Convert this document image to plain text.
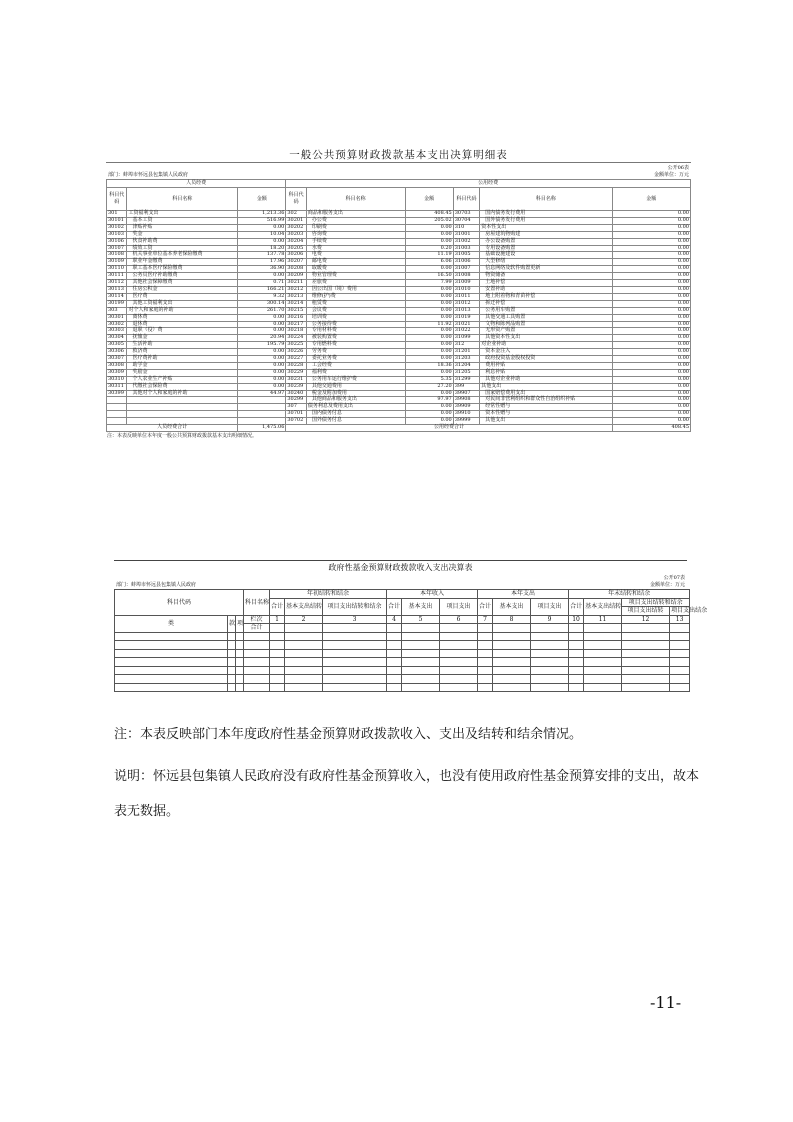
一般公共预算财政拨款基本支出决算明细表
公开06表
部门：蚌埠市怀远县包集镇人民政府	金额单位：万元
人员经费			公用经费					
科目代码	科目名称	金额	科目代码	科目名称	金额	科目代码	科目名称	金额
301	工资福利支出	1,213.36	302	商品和服务支出	408.45	30703	国内债务发行费用	0.00
30101	基本工资	516.99	30201	办公费	205.02	30704	国外债务发行费用	0.00
30102	津贴补贴	0.00	30202	印刷费	0.00	310	资本性支出	0.00
30103	奖金	10.04	30203	咨询费	0.00	31001	房屋建筑物购建	0.00
30106	伙食补助费	0.00	30204	手续费	0.00	31002	办公设备购置	0.00
30107	绩效工资	18.20	30205	水费	0.20	31003	专用设备购置	0.00
30108	机关事业单位基本养老保险缴费	137.78	30206	电费	11.19	31005	基础设施建设	0.00
30109	职业年金缴费	17.96	30207	邮电费	6.06	31006	大型修缮	0.00
30110	职工基本医疗保险缴费	36.90	30208	取暖费	0.00	31007	信息网络及软件购置更新	0.00
30111	公务员医疗补助缴费	0.00	30209	物业管理费	16.50	31008	物资储备	0.00
30112	其他社会保障缴费	0.71	30211	差旅费	7.99	31009	土地补偿	0.00
30113	住房公积金	166.21	30212	因公出国（境）费用	0.00	31010	安置补助	0.00
30114	医疗费	9.32	30213	维修(护)费	0.00	31011	地上附着物和青苗补偿	0.00
30199	其他工资福利支出	300.14	30214	租赁费	0.00	31012	拆迁补偿	0.00
303	对个人和家庭的补助	261.70	30215	会议费	0.00	31013	公务用车购置	0.00
30301	离休费	0.00	30216	培训费	0.00	31019	其他交通工具购置	0.00
30302	退休费	0.00	30217	公务接待费	11.92	31021	文物和陈列品购置	0.00
30303	退职（役）费	0.00	30218	专用材料费	0.00	31022	无形资产购置	0.00
30304	抚恤金	20.94	30224	被装购置费	0.00	31099	其他资本性支出	0.00
30305	生活补助	195.79	30225	专用燃料费	0.00	312	对企业补助	0.00
30306	救济费	0.00	30226	劳务费	0.00	31201	资本金注入	0.00
30307	医疗费补助	0.00	30227	委托业务费	0.00	31203	政府投资基金股权投资	0.00
30308	助学金	0.00	30228	工会经费	18.36	31204	费用补贴	0.00
30309	奖励金	0.00	30229	福利费	0.00	31205	利息补贴	0.00
30310	个人农业生产补贴	0.00	30231	公务用车运行维护费	5.35	31299	其他对企业补助	0.00
30311	代缴社会保险费	0.00	30239	其他交通费用	27.20	399	其他支出	0.00
30399	其他对个人和家庭的补助	44.97	30240	税金及附加费用	0.00	39907	国家赔偿费用支出	0.00
			30299	其他商品和服务支出	97.97	39908	对民间非营利组织和群众性自治组织补贴	0.00
			307	债务利息及费用支出	0.00	39909	经常性赠与	0.00
			30701	国内债务付息	0.00	39910	资本性赠与	0.00
			30702	国外债务付息	0.00	39999	其他支出	0.00
人员经费合计		1,475.06	公用经费合计					408.45
注：本表反映单位本年度一般公共预算财政拨款基本支出明细情况。
政府性基金预算财政拨款收入支出决算表
公开07表
部门：蚌埠市怀远县包集镇人民政府	金额单位：万元
科目代码			科目名称	年初结转和结余			本年收入			本年支出			年末结转和结余			
				合计	基本支出结转	项目支出结转和结余	合计	基本支出	项目支出	合计	基本支出	项目支出	合计	基本支出结转	项目支出结转和结余	
															项目支出结转	项目支出结余
类	款	项	栏次	1	2	3	4	5	6	7	8	9	10	11	12	13
			合计													

注：本表反映部门本年度政府性基金预算财政拨款收入、支出及结转和结余情况。
说明：怀远县包集镇人民政府没有政府性基金预算收入，也没有使用政府性基金预算安排的支出，故本
表无数据。
-11-
